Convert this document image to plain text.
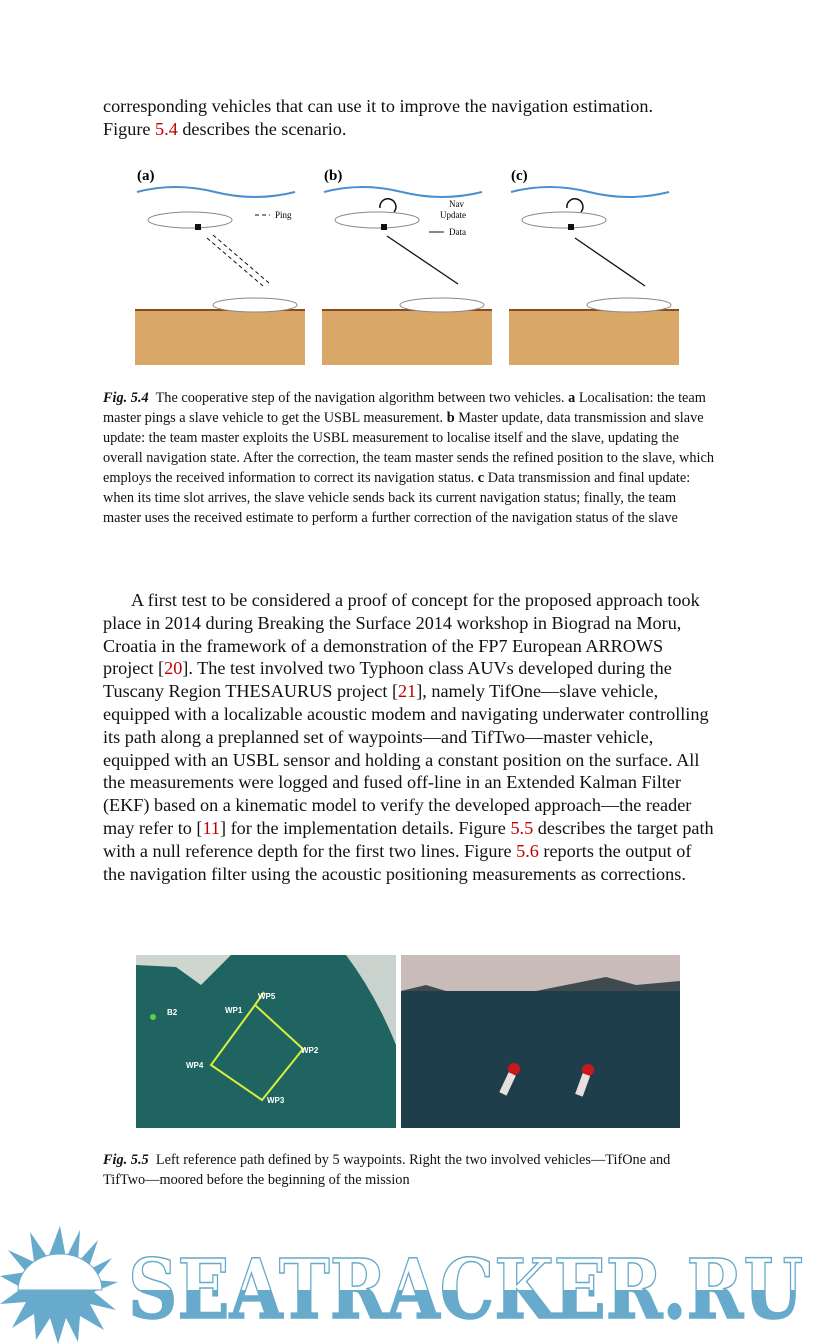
corresponding vehicles that can use it to improve the navigation estimation.
Figure 5.4 describes the scenario.
(a)
Ping
(b)
Nav
Update
Data
(c)
Fig. 5.4 The cooperative step of the navigation algorithm between two vehicles. a Localisation: the team master pings a slave vehicle to get the USBL measurement. b Master update, data transmission and slave update: the team master exploits the USBL measurement to localise itself and the slave, updating the overall navigation state. After the correction, the team master sends the refined position to the slave, which employs the received information to correct its navigation status. c Data transmission and final update: when its time slot arrives, the slave vehicle sends back its current navigation status; finally, the team master uses the received estimate to perform a further correction of the navigation status of the slave
A first test to be considered a proof of concept for the proposed approach took place in 2014 during Breaking the Surface 2014 workshop in Biograd na Moru, Croatia in the framework of a demonstration of the FP7 European ARROWS project [20]. The test involved two Typhoon class AUVs developed during the Tuscany Region THESAURUS project [21], namely TifOne—slave vehicle, equipped with a localizable acoustic modem and navigating underwater controlling its path along a preplanned set of waypoints—and TifTwo—master vehicle, equipped with an USBL sensor and holding a constant position on the surface. All the measurements were logged and fused off-line in an Extended Kalman Filter (EKF) based on a kinematic model to verify the developed approach—the reader may refer to [11] for the implementation details. Figure 5.5 describes the target path with a null reference depth for the first two lines. Figure 5.6 reports the output of the navigation filter using the acoustic positioning measurements as corrections.
B2	WP1
WP2
WP3
WP4
WP5
Fig. 5.5 Left reference path defined by 5 waypoints. Right the two involved vehicles—TifOne and TifTwo—moored before the beginning of the mission
SEATRACKER.RU
